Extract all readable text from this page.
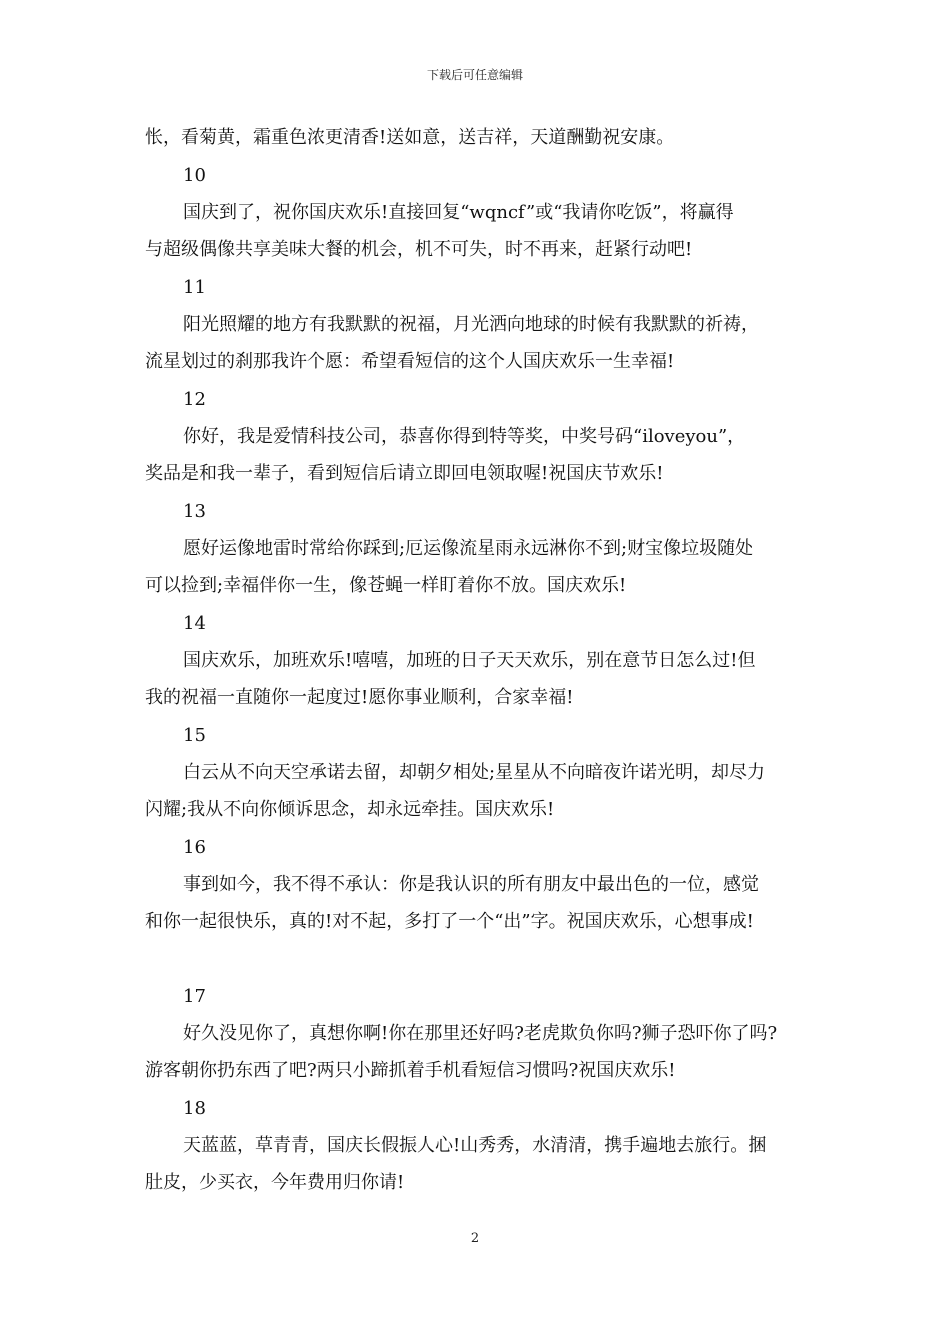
下载后可任意编辑
怅，看菊黄，霜重色浓更清香!送如意，送吉祥，天道酬勤祝安康。
10
国庆到了，祝你国庆欢乐!直接回复“wqncf”或“我请你吃饭”，将赢得
与超级偶像共享美味大餐的机会，机不可失，时不再来，赶紧行动吧!
11
阳光照耀的地方有我默默的祝福，月光洒向地球的时候有我默默的祈祷，
流星划过的刹那我许个愿：希望看短信的这个人国庆欢乐一生幸福!
12
你好，我是爱情科技公司，恭喜你得到特等奖，中奖号码“iloveyou”，
奖品是和我一辈子，看到短信后请立即回电领取喔!祝国庆节欢乐!
13
愿好运像地雷时常给你踩到;厄运像流星雨永远淋你不到;财宝像垃圾随处
可以捡到;幸福伴你一生，像苍蝇一样盯着你不放。国庆欢乐!
14
国庆欢乐，加班欢乐!嘻嘻，加班的日子天天欢乐，别在意节日怎么过!但
我的祝福一直随你一起度过!愿你事业顺利，合家幸福!
15
白云从不向天空承诺去留，却朝夕相处;星星从不向暗夜许诺光明，却尽力
闪耀;我从不向你倾诉思念，却永远牵挂。国庆欢乐!
16
事到如今，我不得不承认：你是我认识的所有朋友中最出色的一位，感觉
和你一起很快乐，真的!对不起，多打了一个“出”字。祝国庆欢乐，心想事成!
17
好久没见你了，真想你啊!你在那里还好吗?老虎欺负你吗?狮子恐吓你了吗?
游客朝你扔东西了吧?两只小蹄抓着手机看短信习惯吗?祝国庆欢乐!
18
天蓝蓝，草青青，国庆长假振人心!山秀秀，水清清，携手遍地去旅行。捆
肚皮，少买衣，今年费用归你请!
2
